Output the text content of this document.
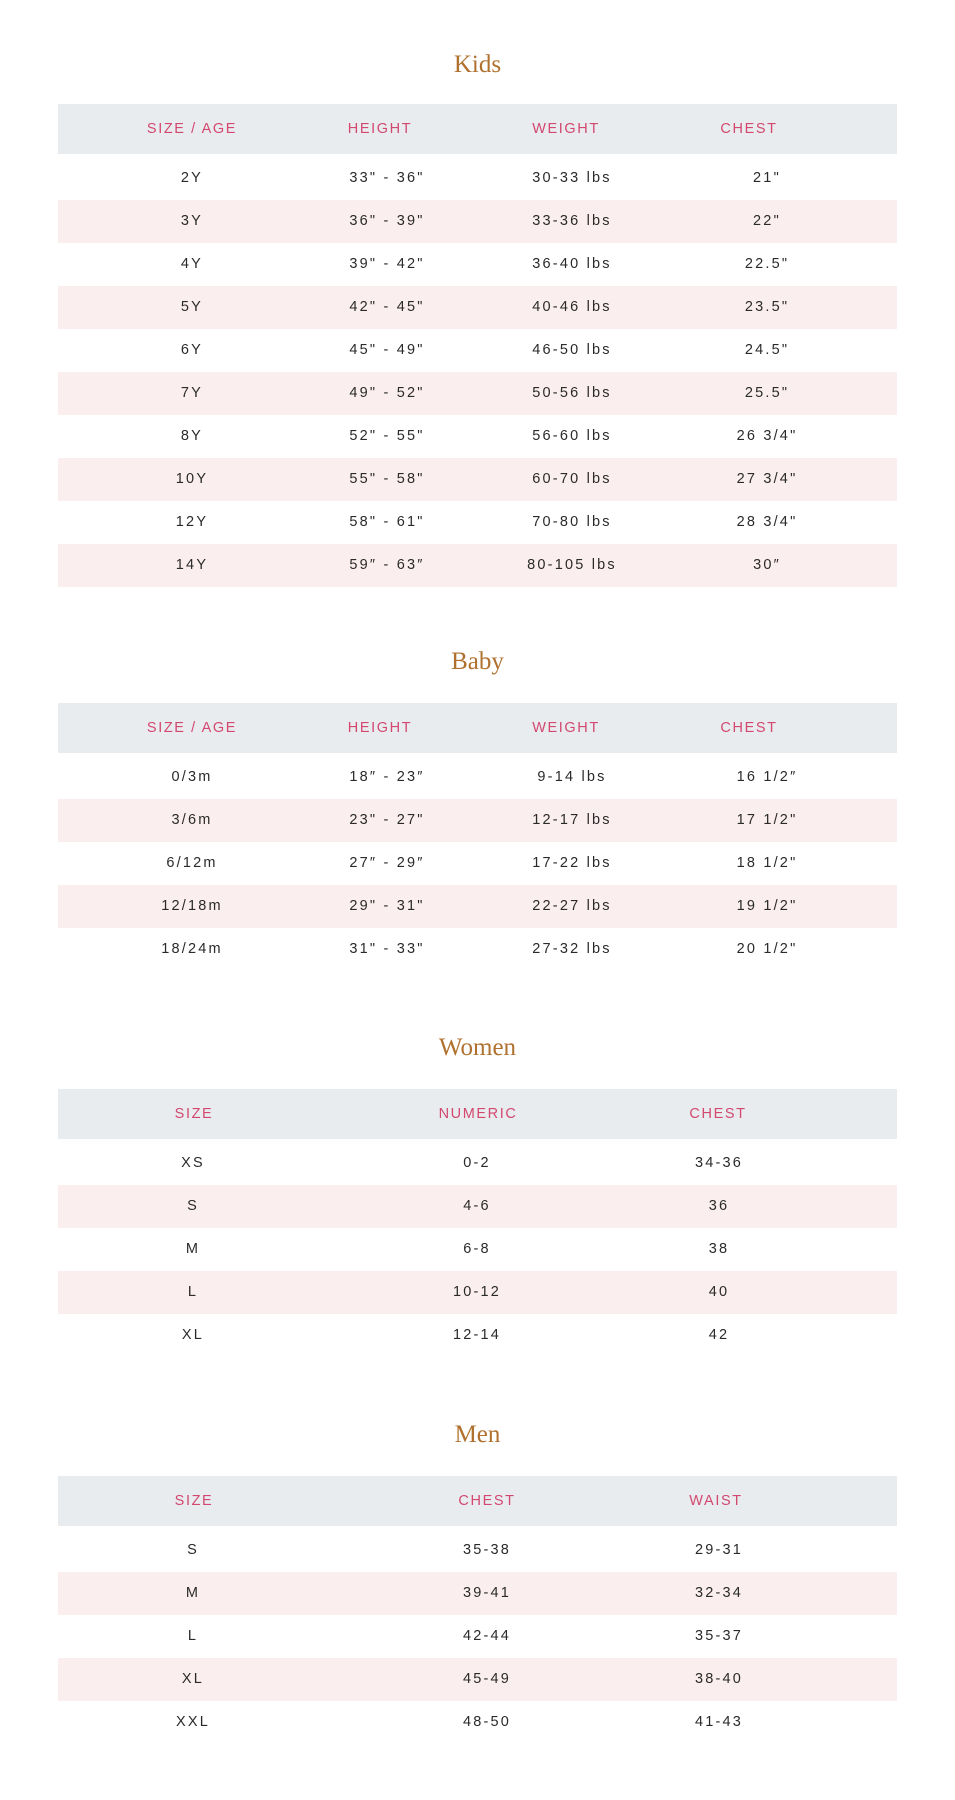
Kids
SIZE / AGE	HEIGHT	WEIGHT	CHEST
2Y	33" - 36"	30-33 lbs	21"
3Y	36" - 39"	33-36 lbs	22"
4Y	39" - 42"	36-40 lbs	22.5"
5Y	42" - 45"	40-46 lbs	23.5"
6Y	45" - 49"	46-50 lbs	24.5"
7Y	49" - 52"	50-56 lbs	25.5"
8Y	52" - 55"	56-60 lbs	26 3/4"
10Y	55" - 58"	60-70 lbs	27 3/4"
12Y	58" - 61"	70-80 lbs	28 3/4"
14Y	59″ - 63″	80-105 lbs	30″
Baby
SIZE / AGE	HEIGHT	WEIGHT	CHEST
0/3m	18″ - 23″	9-14 lbs	16 1/2″
3/6m	23" - 27"	12-17 lbs	17 1/2"
6/12m	27″ - 29″	17-22 lbs	18 1/2"
12/18m	29" - 31"	22-27 lbs	19 1/2"
18/24m	31" - 33"	27-32 lbs	20 1/2"
Women
SIZE	NUMERIC	CHEST
XS	0-2	34-36
S	4-6	36
M	6-8	38
L	10-12	40
XL	12-14	42
Men
SIZE	CHEST	WAIST
S	35-38	29-31
M	39-41	32-34
L	42-44	35-37
XL	45-49	38-40
XXL	48-50	41-43
